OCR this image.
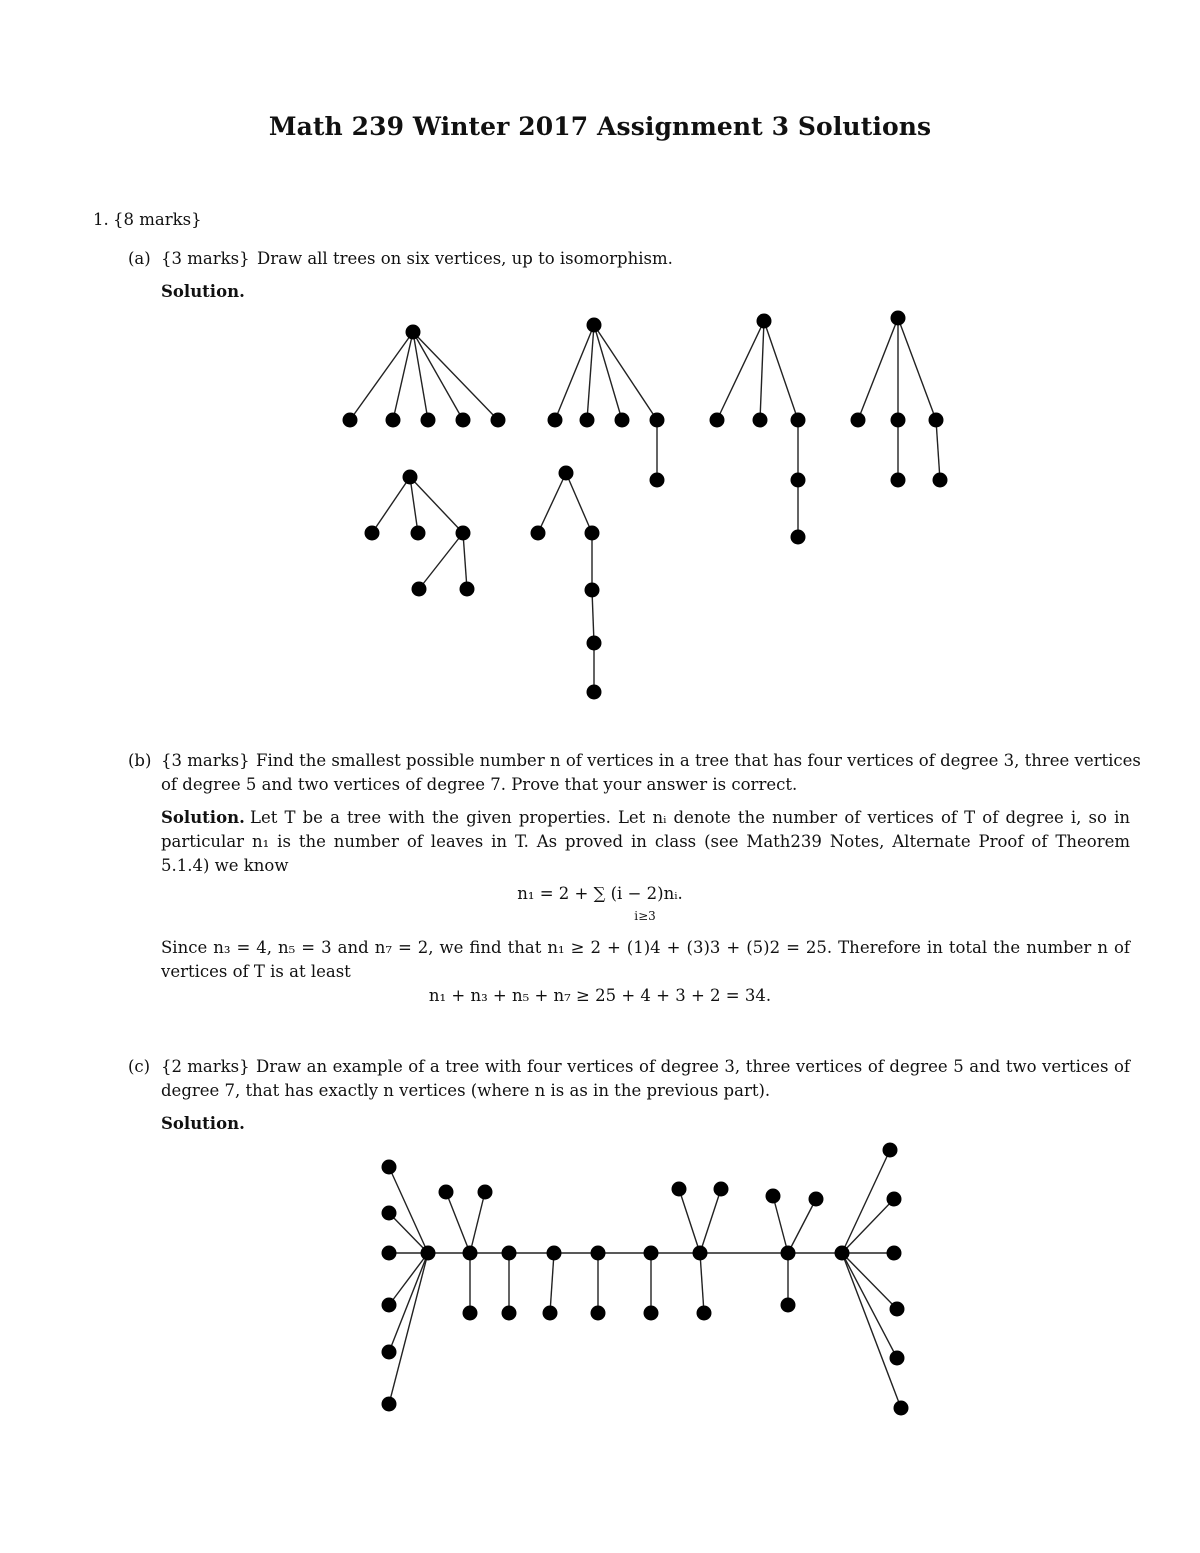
Math 239 Winter 2017 Assignment 3 Solutions
1. {8 marks}
(a) {3 marks} Draw all trees on six vertices, up to isomorphism.
Solution.
(b) {3 marks} Find the smallest possible number n of vertices in a tree that has four vertices of degree 3, three vertices
of degree 5 and two vertices of degree 7. Prove that your answer is correct.
Solution. Let T be a tree with the given properties. Let nᵢ denote the number of vertices of T of degree i, so in
particular n₁ is the number of leaves in T. As proved in class (see Math239 Notes, Alternate Proof of Theorem
5.1.4) we know
n₁ = 2 + ∑ (i − 2)nᵢ.
i≥3
Since n₃ = 4, n₅ = 3 and n₇ = 2, we find that n₁ ≥ 2 + (1)4 + (3)3 + (5)2 = 25. Therefore in total the number n of
vertices of T is at least
n₁ + n₃ + n₅ + n₇ ≥ 25 + 4 + 3 + 2 = 34.
(c) {2 marks} Draw an example of a tree with four vertices of degree 3, three vertices of degree 5 and two vertices of
degree 7, that has exactly n vertices (where n is as in the previous part).
Solution.
